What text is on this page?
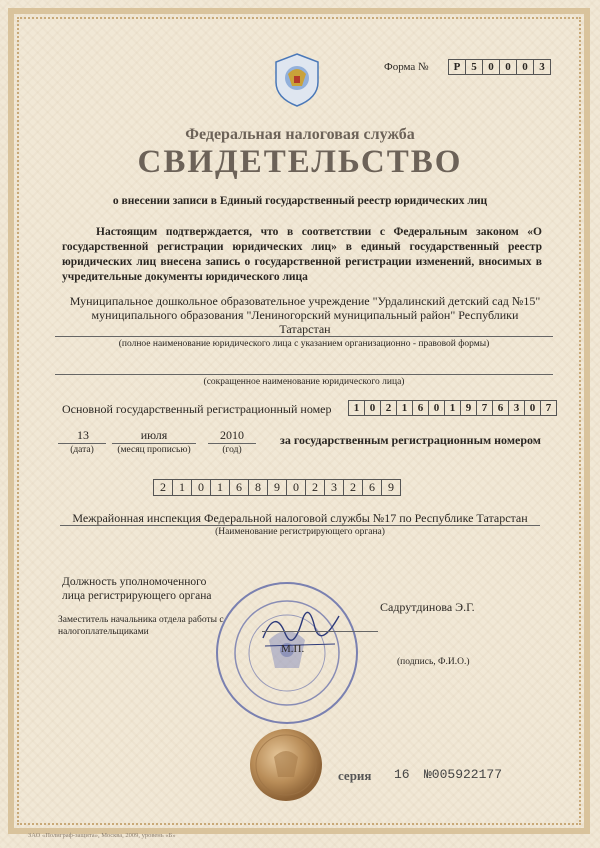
Форма №	Р 5	0	0	0	3
Федеральная налоговая служба
СВИДЕТЕЛЬСТВО
о внесении записи в Единый государственный реестр юридических лиц
Настоящим подтверждается, что в соответствии с Федеральным законом «О государственной регистрации юридических лиц» в единый государственный реестр юридических лиц внесена запись о государственной регистрации изменений, вносимых в учредительные документы юридического лица
Муниципальное дошкольное образовательное учреждение "Урдалинский детский сад №15"
муниципального образования "Лениногорский муниципальный район" Республики
Татарстан
(полное наименование юридического лица с указанием организационно - правовой формы)
(сокращенное наименование юридического лица)
Основной государственный регистрационный номер	1 0 2 1 6 0 1 9 7 6 3 0 7
13
(дата)
июля
(месяц прописью)
2010
(год)
за государственным регистрационным номером
2	1	0	1	6	8	9	0	2	3	2	6	9
Межрайонная инспекция Федеральной налоговой службы №17 по Республике Татарстан
(Наименование регистрирующего органа)
Должность уполномоченного
лица регистрирующего органа
Заместитель начальника отдела работы с
налогоплательщиками
Садрутдинова Э.Г.
М.П.
(подпись, Ф.И.О.)
серия 16 №005922177
ЗАО «Полиграф-защита», Москва, 2009, уровень «Б»
